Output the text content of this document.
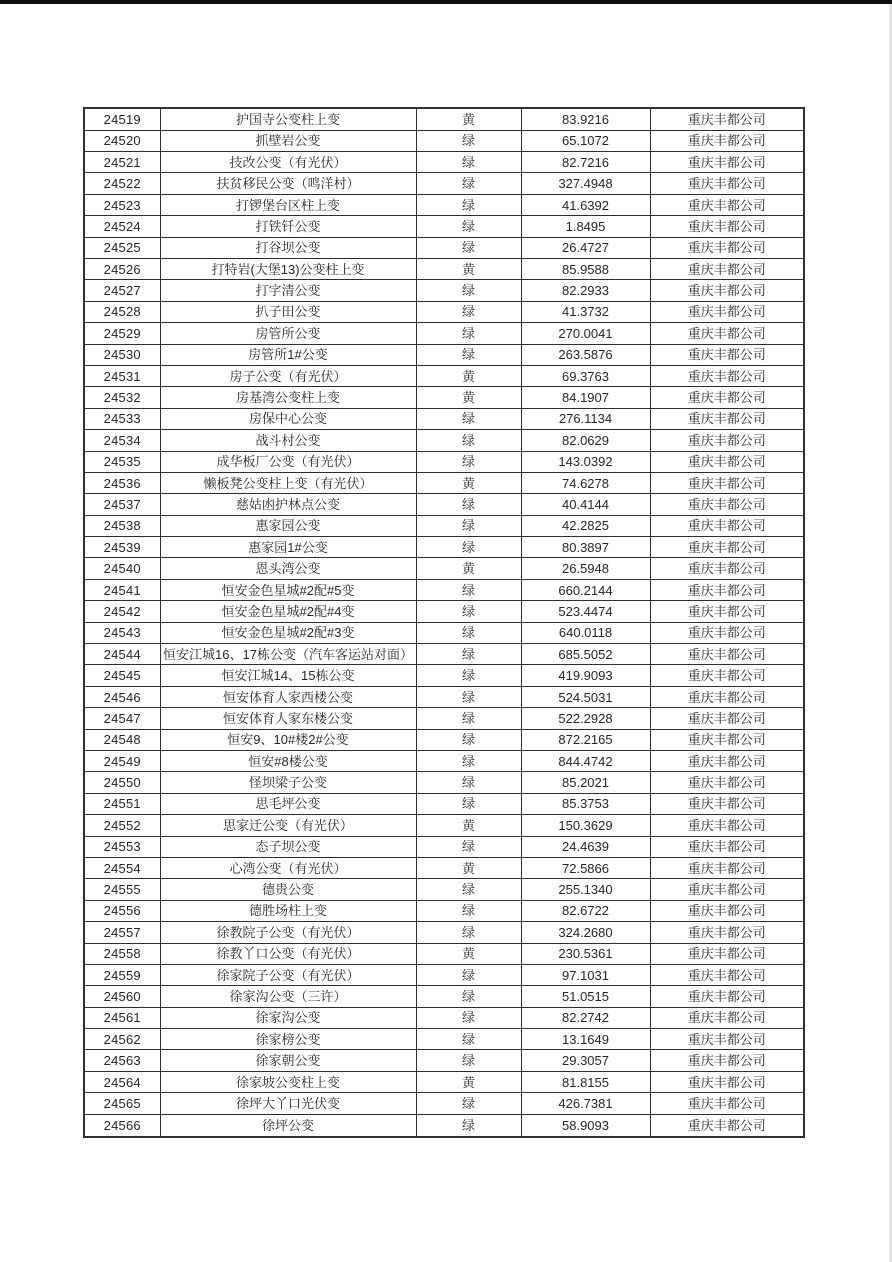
24519	护国寺公变柱上变	黄	83.9216	重庆丰都公司
24520	抓壁岩公变	绿	65.1072	重庆丰都公司
24521	技改公变（有光伏）	绿	82.7216	重庆丰都公司
24522	扶贫移民公变（鸣洋村）	绿	327.4948	重庆丰都公司
24523	打锣堡台区柱上变	绿	41.6392	重庆丰都公司
24524	打铁钎公变	绿	1.8495	重庆丰都公司
24525	打谷坝公变	绿	26.4727	重庆丰都公司
24526	打特岩(大堡13)公变柱上变	黄	85.9588	重庆丰都公司
24527	打字清公变	绿	82.2933	重庆丰都公司
24528	扒子田公变	绿	41.3732	重庆丰都公司
24529	房管所公变	绿	270.0041	重庆丰都公司
24530	房管所1#公变	绿	263.5876	重庆丰都公司
24531	房子公变（有光伏）	黄	69.3763	重庆丰都公司
24532	房基湾公变柱上变	黄	84.1907	重庆丰都公司
24533	房保中心公变	绿	276.1134	重庆丰都公司
24534	战斗村公变	绿	82.0629	重庆丰都公司
24535	成华板厂公变（有光伏）	绿	143.0392	重庆丰都公司
24536	懒板凳公变柱上变（有光伏）	黄	74.6278	重庆丰都公司
24537	慈姑凼护林点公变	绿	40.4144	重庆丰都公司
24538	惠家园公变	绿	42.2825	重庆丰都公司
24539	惠家园1#公变	绿	80.3897	重庆丰都公司
24540	恩头湾公变	黄	26.5948	重庆丰都公司
24541	恒安金色星城#2配#5变	绿	660.2144	重庆丰都公司
24542	恒安金色星城#2配#4变	绿	523.4474	重庆丰都公司
24543	恒安金色星城#2配#3变	绿	640.0118	重庆丰都公司
24544	恒安江城16、17栋公变（汽车客运站对面）	绿	685.5052	重庆丰都公司
24545	恒安江城14、15栋公变	绿	419.9093	重庆丰都公司
24546	恒安体育人家西楼公变	绿	524.5031	重庆丰都公司
24547	恒安体育人家东楼公变	绿	522.2928	重庆丰都公司
24548	恒安9、10#楼2#公变	绿	872.2165	重庆丰都公司
24549	恒安#8楼公变	绿	844.4742	重庆丰都公司
24550	怪坝梁子公变	绿	85.2021	重庆丰都公司
24551	思毛坪公变	绿	85.3753	重庆丰都公司
24552	思家迁公变（有光伏）	黄	150.3629	重庆丰都公司
24553	态子坝公变	绿	24.4639	重庆丰都公司
24554	心湾公变（有光伏）	黄	72.5866	重庆丰都公司
24555	德贵公变	绿	255.1340	重庆丰都公司
24556	德胜场柱上变	绿	82.6722	重庆丰都公司
24557	徐教院子公变（有光伏）	绿	324.2680	重庆丰都公司
24558	徐教丫口公变（有光伏）	黄	230.5361	重庆丰都公司
24559	徐家院子公变（有光伏）	绿	97.1031	重庆丰都公司
24560	徐家沟公变（三许）	绿	51.0515	重庆丰都公司
24561	徐家沟公变	绿	82.2742	重庆丰都公司
24562	徐家榜公变	绿	13.1649	重庆丰都公司
24563	徐家朝公变	绿	29.3057	重庆丰都公司
24564	徐家坡公变柱上变	黄	81.8155	重庆丰都公司
24565	徐坪大丫口光伏变	绿	426.7381	重庆丰都公司
24566	徐坪公变	绿	58.9093	重庆丰都公司
